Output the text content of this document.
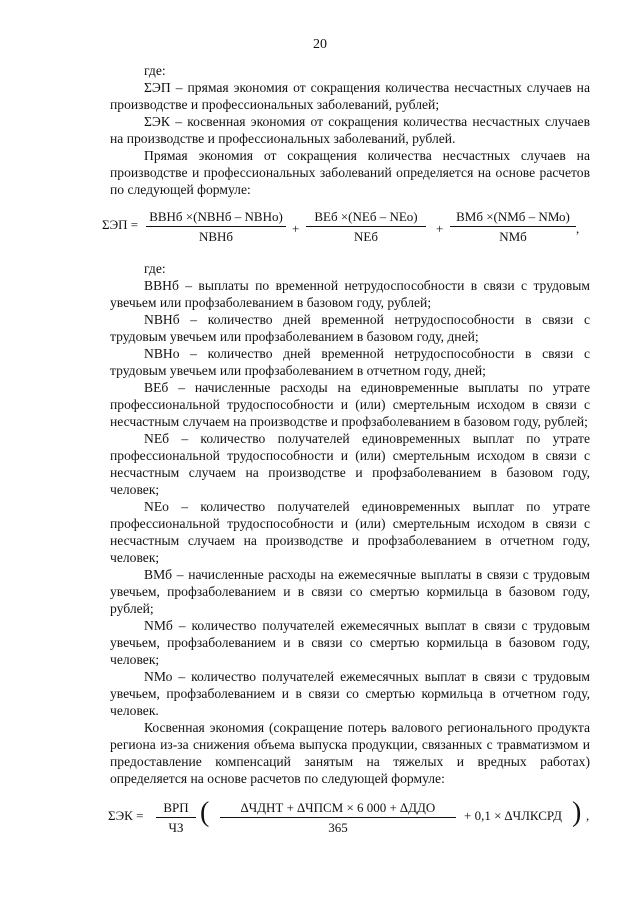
20

где:

ΣЭП – прямая экономия от сокращения количества несчастных случаев на производстве и профессиональных заболеваний, рублей;

ΣЭК – косвенная экономия от сокращения количества несчастных случаев на производстве и профессиональных заболеваний, рублей.

Прямая экономия от сокращения количества несчастных случаев на производстве и профессиональных заболеваний определяется на основе расчетов по следующей формуле:

ΣЭП =
ВВНб ×(NВНб – NВНо)
NВНб
+
ВЕб ×(NЕб – NЕо)
NЕб
+
ВМб ×(NМб – NМо)
NМб
,

где:

ВВНб – выплаты по временной нетрудоспособности в связи с трудовым увечьем или профзаболеванием в базовом году, рублей;

NВНб – количество дней временной нетрудоспособности в связи с трудовым увечьем или профзаболеванием в базовом году, дней;

NВНо – количество дней временной нетрудоспособности в связи с трудовым увечьем или профзаболеванием в отчетном году, дней;

ВЕб – начисленные расходы на единовременные выплаты по утрате профессиональной трудоспособности и (или) смертельным исходом в связи с несчастным случаем на производстве и профзаболеванием в базовом году, рублей;

NЕб – количество получателей единовременных выплат по утрате профессиональной трудоспособности и (или) смертельным исходом в связи с несчастным случаем на производстве и профзаболеванием в базовом году, человек;

NЕо – количество получателей единовременных выплат по утрате профессиональной трудоспособности и (или) смертельным исходом в связи с несчастным случаем на производстве и профзаболеванием в отчетном году, человек;

ВМб – начисленные расходы на ежемесячные выплаты в связи с трудовым увечьем, профзаболеванием и в связи со смертью кормильца в базовом году, рублей;

NМб – количество получателей ежемесячных выплат в связи с трудовым увечьем, профзаболеванием и в связи со смертью кормильца в базовом году, человек;

NМо – количество получателей ежемесячных выплат в связи с трудовым увечьем, профзаболеванием и в связи со смертью кормильца в отчетном году, человек.

Косвенная экономия (сокращение потерь валового регионального продукта региона из-за снижения объема выпуска продукции, связанных с травматизмом и предоставление компенсаций занятым на тяжелых и вредных работах) определяется на основе расчетов по следующей формуле:

ΣЭК =
ВРП
ЧЗ (	∆ЧДНТ + ∆ЧПСМ × 6 000 + ∆ДДО
365
+ 0,1 × ∆ЧЛКСРД ) ,
